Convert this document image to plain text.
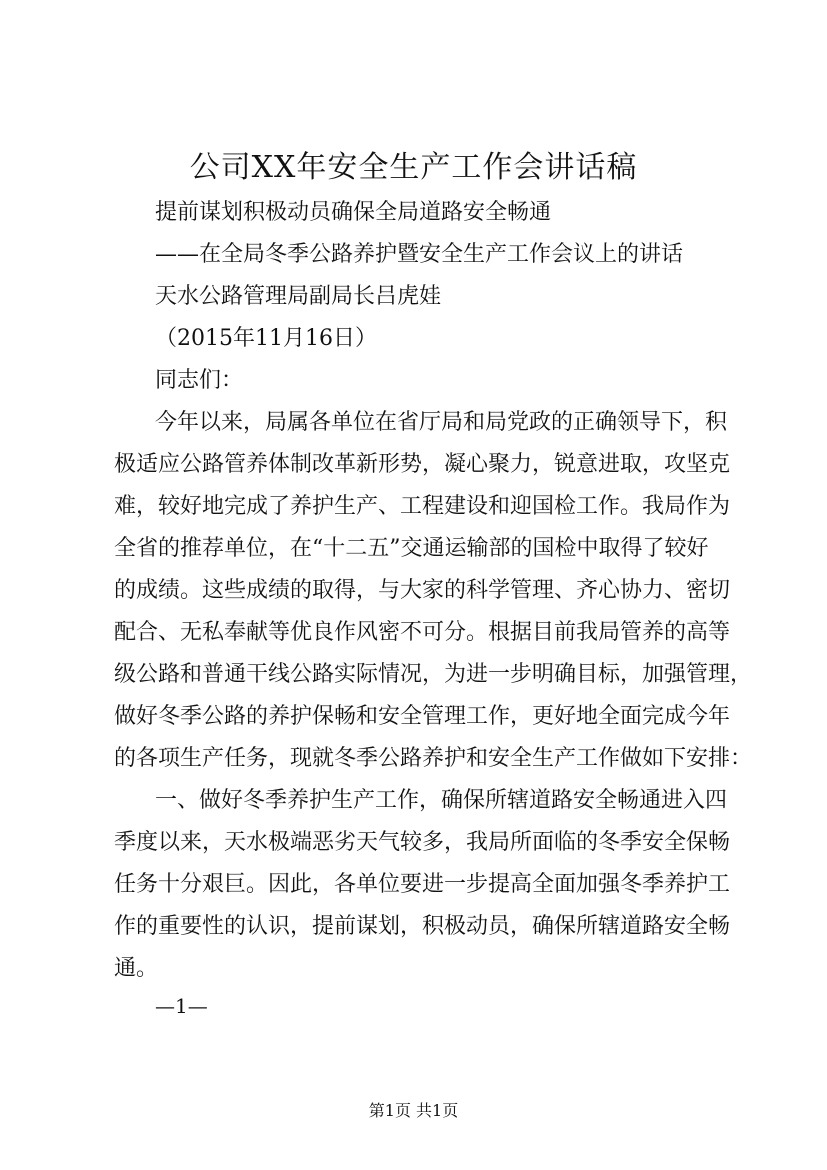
公司XX年安全生产工作会讲话稿
提前谋划积极动员确保全局道路安全畅通
——在全局冬季公路养护暨安全生产工作会议上的讲话
天水公路管理局副局长吕虎娃
（2015年11月16日）
同志们：
今年以来，局属各单位在省厅局和局党政的正确领导下，积
极适应公路管养体制改革新形势，凝心聚力，锐意进取，攻坚克
难，较好地完成了养护生产、工程建设和迎国检工作。我局作为
全省的推荐单位，在“十二五”交通运输部的国检中取得了较好
的成绩。这些成绩的取得，与大家的科学管理、齐心协力、密切
配合、无私奉献等优良作风密不可分。根据目前我局管养的高等
级公路和普通干线公路实际情况，为进一步明确目标，加强管理，
做好冬季公路的养护保畅和安全管理工作，更好地全面完成今年
的各项生产任务，现就冬季公路养护和安全生产工作做如下安排：
一、做好冬季养护生产工作，确保所辖道路安全畅通进入四
季度以来，天水极端恶劣天气较多，我局所面临的冬季安全保畅
任务十分艰巨。因此，各单位要进一步提高全面加强冬季养护工
作的重要性的认识，提前谋划，积极动员，确保所辖道路安全畅
通。
—1—
第1页 共1页
